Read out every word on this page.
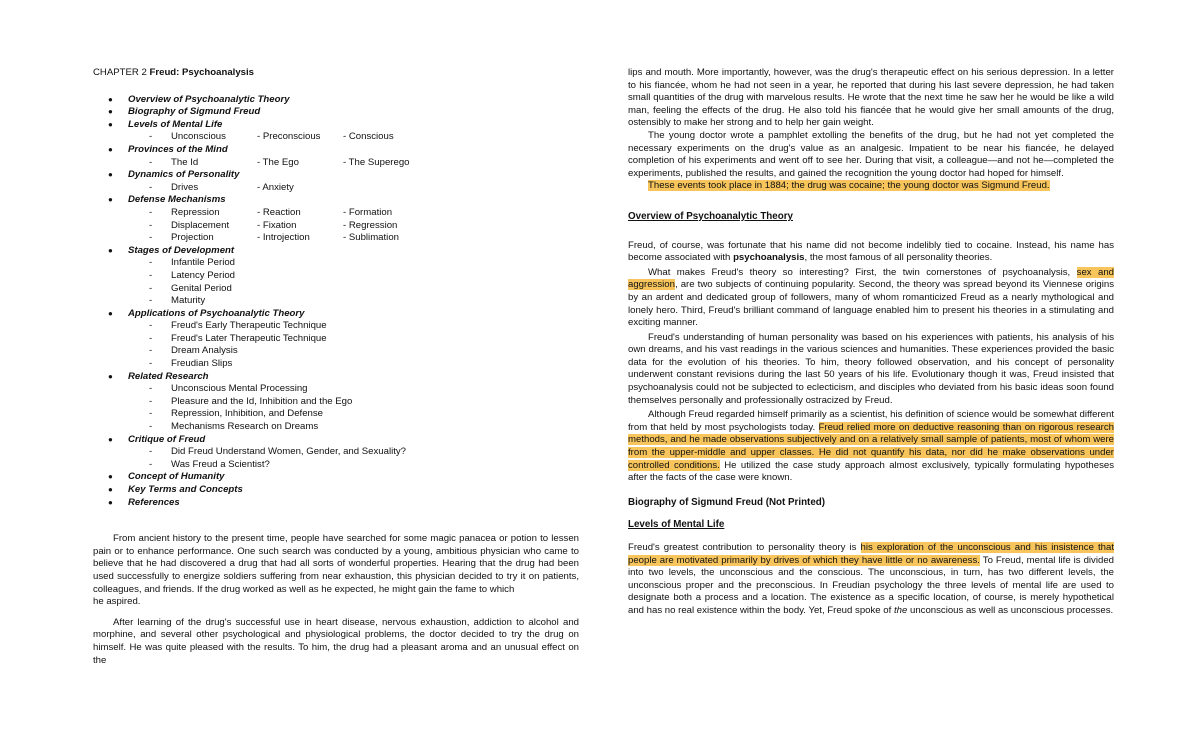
CHAPTER 2 Freud: Psychoanalysis
● Overview of Psychoanalytic Theory
● Biography of Sigmund Freud
● Levels of Mental Life
- Unconscious	- Preconscious - Conscious
● Provinces of the Mind
- The Id	- The Ego	- The Superego
● Dynamics of Personality
- Drives	- Anxiety
● Defense Mechanisms
- Repression	- Reaction	- Formation
- Displacement	- Fixation	- Regression
- Projection	- Introjection	- Sublimation
● Stages of Development
- Infantile Period
- Latency Period
- Genital Period
- Maturity
● Applications of Psychoanalytic Theory
- Freud's Early Therapeutic Technique
- Freud's Later Therapeutic Technique
- Dream Analysis
- Freudian Slips
● Related Research
- Unconscious Mental Processing
- Pleasure and the Id, Inhibition and the Ego
- Repression, Inhibition, and Defense
- Mechanisms Research on Dreams
● Critique of Freud
- Did Freud Understand Women, Gender, and Sexuality?
- Was Freud a Scientist?
● Concept of Humanity
● Key Terms and Concepts
● References

From ancient history to the present time, people have searched for some magic panacea or potion to lessen pain or to enhance performance. One such search was conducted by a young, ambitious physician who came to believe that he had discovered a drug that had all sorts of wonderful properties. Hearing that the drug had been used successfully to energize soldiers suffering from near exhaustion, this physician decided to try it on patients, colleagues, and friends. If the drug worked as well as he expected, he might gain the fame to which

he aspired.

After learning of the drug's successful use in heart disease, nervous exhaustion, addiction to alcohol and morphine, and several other psychological and physiological problems, the doctor decided to try the drug on himself. He was quite pleased with the results. To him, the drug had a pleasant aroma and an unusual effect on the

lips and mouth. More importantly, however, was the drug's therapeutic effect on his serious depression. In a letter to his fiancée, whom he had not seen in a year, he reported that during his last severe depression, he had taken small quantities of the drug with marvelous results. He wrote that the next time he saw her he would be like a wild man, feeling the effects of the drug. He also told his fiancée that he would give her small amounts of the drug, ostensibly to make her strong and to help her gain weight.

The young doctor wrote a pamphlet extolling the benefits of the drug, but he had not yet completed the necessary experiments on the drug's value as an analgesic. Impatient to be near his fiancée, he delayed completion of his experiments and went off to see her. During that visit, a colleague—and not he—completed the experiments, published the results, and gained the recognition the young doctor had hoped for himself.

These events took place in 1884; the drug was cocaine; the young doctor was Sigmund Freud.
Overview of Psychoanalytic Theory

Freud, of course, was fortunate that his name did not become indelibly tied to cocaine. Instead, his name has become associated with psychoanalysis, the most famous of all personality theories.

What makes Freud's theory so interesting? First, the twin cornerstones of psychoanalysis, sex and aggression, are two subjects of continuing popularity. Second, the theory was spread beyond its Viennese origins by an ardent and dedicated group of followers, many of whom romanticized Freud as a nearly mythological and lonely hero. Third, Freud's brilliant command of language enabled him to present his theories in a stimulating and exciting manner.

Freud's understanding of human personality was based on his experiences with patients, his analysis of his own dreams, and his vast readings in the various sciences and humanities. These experiences provided the basic data for the evolution of his theories. To him, theory followed observation, and his concept of personality underwent constant revisions during the last 50 years of his life. Evolutionary though it was, Freud insisted that psychoanalysis could not be subjected to eclecticism, and disciples who deviated from his basic ideas soon found themselves personally and professionally ostracized by Freud.

Although Freud regarded himself primarily as a scientist, his definition of science would be somewhat different from that held by most psychologists today. Freud relied more on deductive reasoning than on rigorous research methods, and he made observations subjectively and on a relatively small sample of patients, most of whom were from the upper-middle and upper classes. He did not quantify his data, nor did he make observations under controlled conditions. He utilized the case study approach almost exclusively, typically formulating hypotheses after the facts of the case were known.

Biography of Sigmund Freud (Not Printed)
Levels of Mental Life

Freud's greatest contribution to personality theory is his exploration of the unconscious and his insistence that people are motivated primarily by drives of which they have little or no awareness. To Freud, mental life is divided into two levels, the unconscious and the conscious. The unconscious, in turn, has two different levels, the unconscious proper and the preconscious. In Freudian psychology the three levels of mental life are used to designate both a process and a location. The existence as a specific location, of course, is merely hypothetical and has no real existence within the body. Yet, Freud spoke of the unconscious as well as unconscious processes.
